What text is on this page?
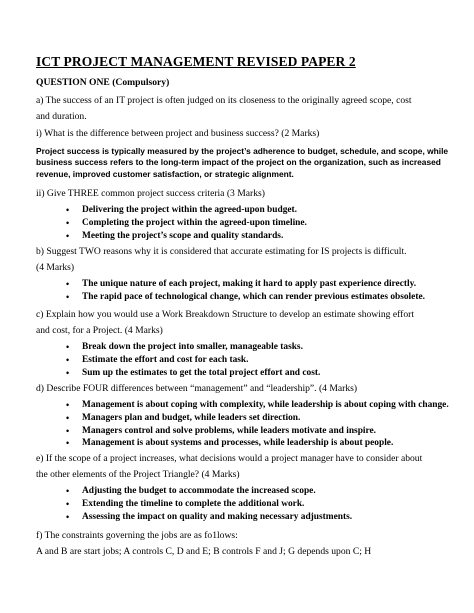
ICT PROJECT MANAGEMENT REVISED PAPER 2
QUESTION ONE (Compulsory)
a) The success of an IT project is often judged on its closeness to the originally agreed scope, cost
and duration.
i) What is the difference between project and business success? (2 Marks)
Project success is typically measured by the project’s adherence to budget, schedule, and scope, while business success refers to the long-term impact of the project on the organization, such as increased revenue, improved customer satisfaction, or strategic alignment.
ii) Give THREE common project success criteria (3 Marks)
• Delivering the project within the agreed-upon budget.
• Completing the project within the agreed-upon timeline.
• Meeting the project’s scope and quality standards.
b) Suggest TWO reasons why it is considered that accurate estimating for IS projects is difficult.
(4 Marks)
• The unique nature of each project, making it hard to apply past experience directly.
• The rapid pace of technological change, which can render previous estimates obsolete.
c) Explain how you would use a Work Breakdown Structure to develop an estimate showing effort
and cost, for a Project. (4 Marks)
• Break down the project into smaller, manageable tasks.
• Estimate the effort and cost for each task.
• Sum up the estimates to get the total project effort and cost.
d) Describe FOUR differences between “management” and “leadership”. (4 Marks)
• Management is about coping with complexity, while leadership is about coping with change.
• Managers plan and budget, while leaders set direction.
• Managers control and solve problems, while leaders motivate and inspire.
• Management is about systems and processes, while leadership is about people.
e) If the scope of a project increases, what decisions would a project manager have to consider about
the other elements of the Project Triangle? (4 Marks)
• Adjusting the budget to accommodate the increased scope.
• Extending the timeline to complete the additional work.
• Assessing the impact on quality and making necessary adjustments.
f) The constraints governing the jobs are as fo1lows:
A and B are start jobs; A controls C, D and E; B controls F and J; G depends upon C; H
